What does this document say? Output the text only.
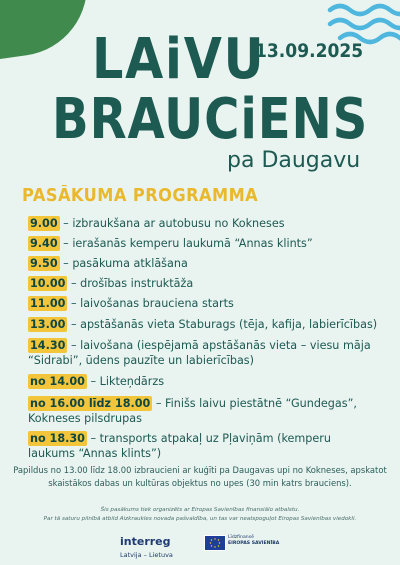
LAiVU
13.09.2025
BRAUCiENS
pa Daugavu
PASĀKUMA PROGRAMMA
9.00 – izbraukšana ar autobusu no Kokneses
9.40 – ierašanās kemperu laukumā “Annas klints”
9.50 – pasākuma atklāšana
10.00 – drošības instruktāža
11.00 – laivošanas brauciena starts
13.00 – apstāšanās vieta Staburags (tēja, kafija, labierīcības)
14.30 – laivošana (iespējamā apstāšanās vieta – viesu māja “Sidrabi”, ūdens pauzīte un labierīcības)
no 14.00 – Likteņdārzs
no 16.00 līdz 18.00 – Finišs laivu piestātnē “Gundegas”, Kokneses pilsdrupas
no 18.30 – transports atpakaļ uz Pļaviņām (kemperu laukums “Annas klints”)
Papildus no 13.00 līdz 18.00 izbraucieni ar kuģīti pa Daugavas upi no Kokneses, apskatot skaistākos dabas un kultūras objektus no upes (30 min katrs brauciens).
Šis pasākums tiek organizēts ar Eiropas Savienības finansiālo atbalstu.
Par tā saturu pilnībā atbild Aizkraukles novada pašvaldība, un tas var neatspoguļot Eiropas Savienības viedokli.
interreg
Latvija – Lietuva
Līdzfinansē
EIROPAS SAVIENĪBA
